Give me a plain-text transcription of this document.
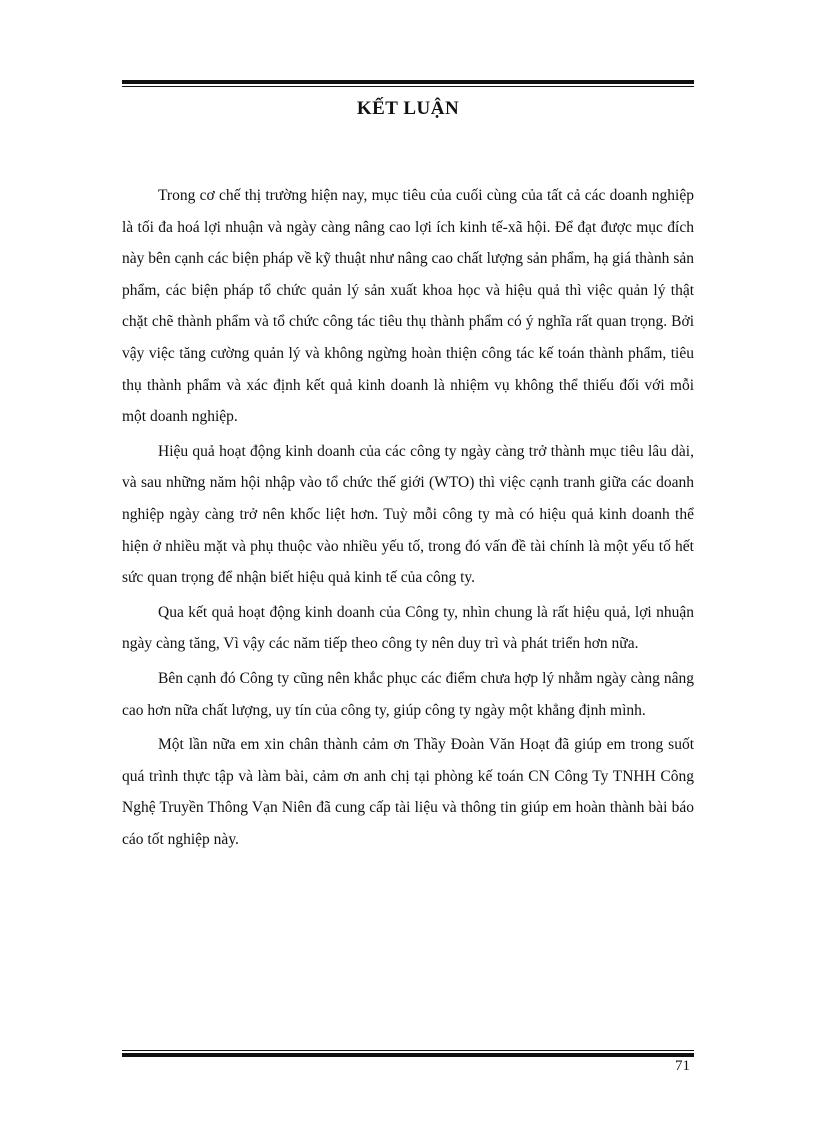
KẾT LUẬN

Trong cơ chế thị trường hiện nay, mục tiêu của cuối cùng của tất cả các doanh nghiệp là tối đa hoá lợi nhuận và ngày càng nâng cao lợi ích kinh tế-xã hội. Để đạt được mục đích này bên cạnh các biện pháp về kỹ thuật như nâng cao chất lượng sản phẩm, hạ giá thành sản phẩm, các biện pháp tổ chức quản lý sản xuất khoa học và hiệu quả thì việc quản lý thật chặt chẽ thành phẩm và tổ chức công tác tiêu thụ thành phẩm có ý nghĩa rất quan trọng. Bởi vậy việc tăng cường quản lý và không ngừng hoàn thiện công tác kế toán thành phẩm, tiêu thụ thành phẩm và xác định kết quả kinh doanh là nhiệm vụ không thể thiếu đối với mỗi một doanh nghiệp.

Hiệu quả hoạt động kinh doanh của các công ty ngày càng trở thành mục tiêu lâu dài, và sau những năm hội nhập vào tổ chức thế giới (WTO) thì việc cạnh tranh giữa các doanh nghiệp ngày càng trở nên khốc liệt hơn. Tuỳ mỗi công ty mà có hiệu quả kinh doanh thể hiện ở nhiều mặt và phụ thuộc vào nhiều yếu tố, trong đó vấn đề tài chính là một yếu tố hết sức quan trọng để nhận biết hiệu quả kinh tế của công ty.

Qua kết quả hoạt động kinh doanh của Công ty, nhìn chung là rất hiệu quả, lợi nhuận ngày càng tăng, Vì vậy các năm tiếp theo công ty nên duy trì và phát triển hơn nữa.

Bên cạnh đó Công ty cũng nên khắc phục các điểm chưa hợp lý nhằm ngày càng nâng cao hơn nữa chất lượng, uy tín của công ty, giúp công ty ngày một khẳng định mình.

Một lần nữa em xin chân thành cảm ơn Thầy Đoàn Văn Hoạt đã giúp em trong suốt quá trình thực tập và làm bài, cảm ơn anh chị tại phòng kế toán CN Công Ty TNHH Công Nghệ Truyền Thông Vạn Niên đã cung cấp tài liệu và thông tin giúp em hoàn thành bài báo cáo tốt nghiệp này.

71
